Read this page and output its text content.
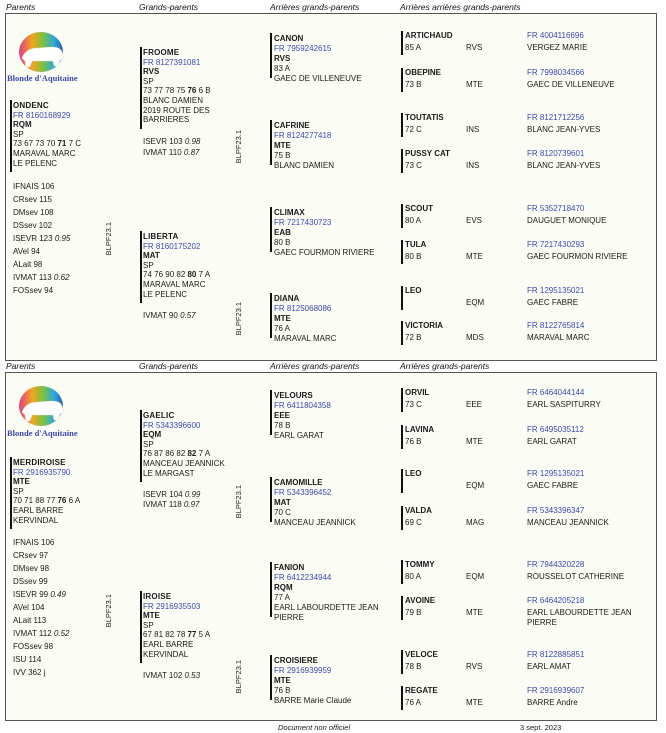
Parents	Grands-parents	Arrières grands-parents	Arrières arrières grands-parents
Blonde d'Aquitaine
ONDENC
FR 8160168929
RQM
SP
73 67 73 70 71 7 C
MARAVAL MARC
LE PELENC
IFNAIS 106
CRsev 115
DMsev 108
DSsev 102
ISEVR 123 0.95
AVel 94
ALait 98
IVMAT 113 0.62
FOSsev 94
BLPF23.1
FROOME
FR 8127391081
RVS
SP
73 77 78 75 76 6 B
BLANC DAMIEN
2019 ROUTE DES
BARRIERES
ISEVR 103 0.98
IVMAT 110 0.87	BLPF23.1
LIBERTA
FR 8160175202
MAT
SP
74 76 90 82 80 7 A
MARAVAL MARC
LE PELENC
IVMAT 90 0.57	BLPF23.1
CANON
FR 7959242615
RVS
83 A
GAEC DE VILLENEUVE
CAFRINE
FR 8124277418
MTE
75 B
BLANC DAMIEN
CLIMAX
FR 7217430723
EAB
80 B
GAEC FOURMON RIVIERE
DIANA
FR 8125068086
MTE
76 A
MARAVAL MARC
ARTICHAUD
85 A	RVS
FR 4004116696
VERGEZ MARIE
OBEPINE
73 B	MTE
FR 7998034566
GAEC DE VILLENEUVE
TOUTATIS
72 C	INS
FR 8121712256
BLANC JEAN-YVES
PUSSY CAT
73 C	INS
FR 8120739601
BLANC JEAN-YVES
SCOUT
80 A	EVS
FR 5352718470
DAUGUET MONIQUE
TULA
80 B	MTE
FR 7217430293
GAEC FOURMON RIVIERE
LEO
EQM
FR 1295135021
GAEC FABRE
VICTORIA
72 B	MDS
FR 8122765814
MARAVAL MARC
Parents	Grands-parents	Arrières grands-parents	Arrières grands-parents
Blonde d'Aquitaine
MERDIROISE
FR 2916935790
MTE
SP
70 71 88 77 76 6 A
EARL BARRE
KERVINDAL
IFNAIS 106
CRsev 97
DMsev 98
DSsev 99
ISEVR 99 0.49
AVel 104
ALait 113
IVMAT 112 0.52
FOSsev 98
ISU 114
IVV 362 j
BLPF23.1
GAELIC
FR 5343396600
EQM
SP
76 87 86 82 82 7 A
MANCEAU JEANNICK
LE MARGAST
ISEVR 104 0.99
IVMAT 118 0.97	BLPF23.1
IROISE
FR 2916935503
MTE
SP
67 81 82 78 77 5 A
EARL BARRE
KERVINDAL
IVMAT 102 0.53	BLPF23.1
VELOURS
FR 6411804358
EEE
78 B
EARL GARAT
CAMOMILLE
FR 5343396452
MAT
70 C
MANCEAU JEANNICK
FANION
FR 6412234944
RQM
77 A
EARL LABOURDETTE JEAN
PIERRE
CROISIERE
FR 2916939959
MTE
76 B
BARRE Marie Claude
ORVIL
73 C	EEE
FR 6464044144
EARL SASPITURRY
LAVINA
76 B	MTE
FR 6495035112
EARL GARAT
LEO
EQM
FR 1295135021
GAEC FABRE
VALDA
69 C	MAG
FR 5343396347
MANCEAU JEANNICK
TOMMY
80 A	EQM
FR 7944320228
ROUSSELOT CATHERINE
AVOINE
79 B	MTE
FR 6464205218
EARL LABOURDETTE JEAN
PIERRE
VELOCE
78 B	RVS
FR 8122885851
EARL AMAT
REGATE
76 A	MTE
FR 2916939607
BARRE Andre
Document non officiel	3 sept. 2023
